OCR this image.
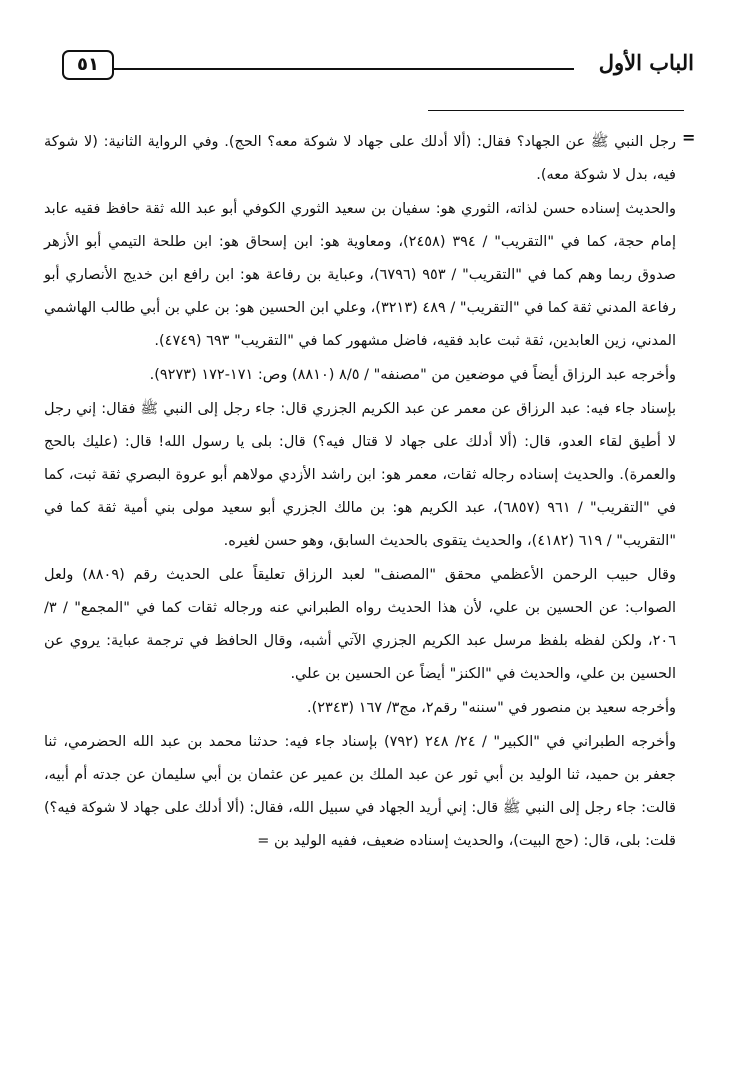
الباب الأول
٥١
=

رجل النبي ﷺ عن الجهاد؟ فقال: (ألا أدلك على جهاد لا شوكة معه؟ الحج). وفي الرواية الثانية: (لا شوكة فيه، بدل لا شوكة معه).

والحديث إسناده حسن لذاته، الثوري هو: سفيان بن سعيد الثوري الكوفي أبو عبد الله ثقة حافظ فقيه عابد إمام حجة، كما في "التقريب" / ٣٩٤ (٢٤٥٨)، ومعاوية هو: ابن إسحاق هو: ابن طلحة التيمي أبو الأزهر صدوق ربما وهم كما في "التقريب" / ٩٥٣ (٦٧٩٦)، وعباية بن رفاعة هو: ابن رافع ابن خديج الأنصاري أبو رفاعة المدني ثقة كما في "التقريب" / ٤٨٩ (٣٢١٣)، وعلي ابن الحسين هو: بن علي بن أبي طالب الهاشمي المدني، زين العابدين، ثقة ثبت عابد فقيه، فاضل مشهور كما في "التقريب" ٦٩٣ (٤٧٤٩).

وأخرجه عبد الرزاق أيضاً في موضعين من "مصنفه" / ٨/٥ (٨٨١٠) وص: ١٧١-١٧٢ (٩٢٧٣).

بإسناد جاء فيه: عبد الرزاق عن معمر عن عبد الكريم الجزري قال: جاء رجل إلى النبي ﷺ فقال: إني رجل لا أطيق لقاء العدو، قال: (ألا أدلك على جهاد لا قتال فيه؟) قال: بلى يا رسول الله! قال: (عليك بالحج والعمرة). والحديث إسناده رجاله ثقات، معمر هو: ابن راشد الأزدي مولاهم أبو عروة البصري ثقة ثبت، كما في "التقريب" / ٩٦١ (٦٨٥٧)، عبد الكريم هو: بن مالك الجزري أبو سعيد مولى بني أمية ثقة كما في "التقريب" / ٦١٩ (٤١٨٢)، والحديث يتقوى بالحديث السابق، وهو حسن لغيره.

وقال حبيب الرحمن الأعظمي محقق "المصنف" لعبد الرزاق تعليقاً على الحديث رقم (٨٨٠٩) ولعل الصواب: عن الحسين بن علي، لأن هذا الحديث رواه الطبراني عنه ورجاله ثقات كما في "المجمع" / ٣/ ٢٠٦، ولكن لفظه بلفظ مرسل عبد الكريم الجزري الآتي أشبه، وقال الحافظ في ترجمة عباية: يروي عن الحسين بن علي، والحديث في "الكنز" أيضاً عن الحسين بن علي.

وأخرجه سعيد بن منصور في "سننه" رقم٢، مج٣/ ١٦٧ (٢٣٤٣).

وأخرجه الطبراني في "الكبير" / ٢٤/ ٢٤٨ (٧٩٢) بإسناد جاء فيه: حدثنا محمد بن عبد الله الحضرمي، ثنا جعفر بن حميد، ثنا الوليد بن أبي ثور عن عبد الملك بن عمير عن عثمان بن أبي سليمان عن جدته أم أبيه، قالت: جاء رجل إلى النبي ﷺ قال: إني أريد الجهاد في سبيل الله، فقال: (ألا أدلك على جهاد لا شوكة فيه؟) قلت: بلى، قال: (حج البيت)، والحديث إسناده ضعيف، ففيه الوليد بن =
